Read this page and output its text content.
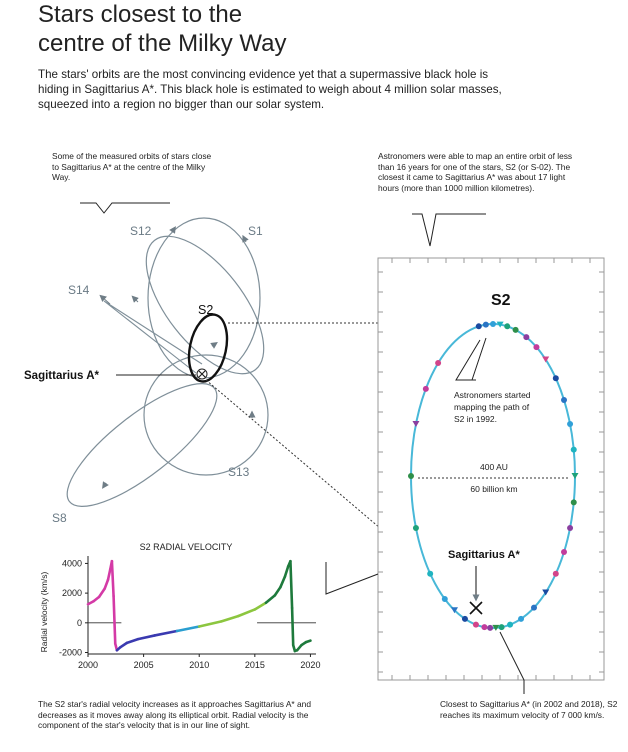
Stars closest to the
centre of the Milky Way

The stars' orbits are the most convincing evidence yet that a supermassive black hole is hiding in Sagittarius A*. This black hole is estimated to weigh about 4 million solar masses, squeezed into a region no bigger than our solar system.

Some of the measured orbits of stars close to Sagittarius A* at the centre of the Milky Way.

Astronomers were able to map an entire orbit of less than 16 years for one of the stars, S2 (or S-02). The closest it came to Sagittarius A* was about 17 light hours (more than 1000 million kilometres).

The S2 star's radial velocity increases as it approaches Sagittarius A* and decreases as it moves away along its elliptical orbit. Radial velocity is the component of the star's velocity that is in our line of sight.

Closest to Sagittarius A* (in 2002 and 2018), S2 reaches its maximum velocity of 7 000 km/s.

S12	S1
S14
S2
Sagittarius A*
S13
S8
S2
400 AU
60 billion km
Astronomers started mapping the path of S2 in 1992.
Sagittarius A*
S2 RADIAL VELOCITY
Radial velocity (km/s)
-2000
0
2000
4000
2000	2005	2010	2015	2020
